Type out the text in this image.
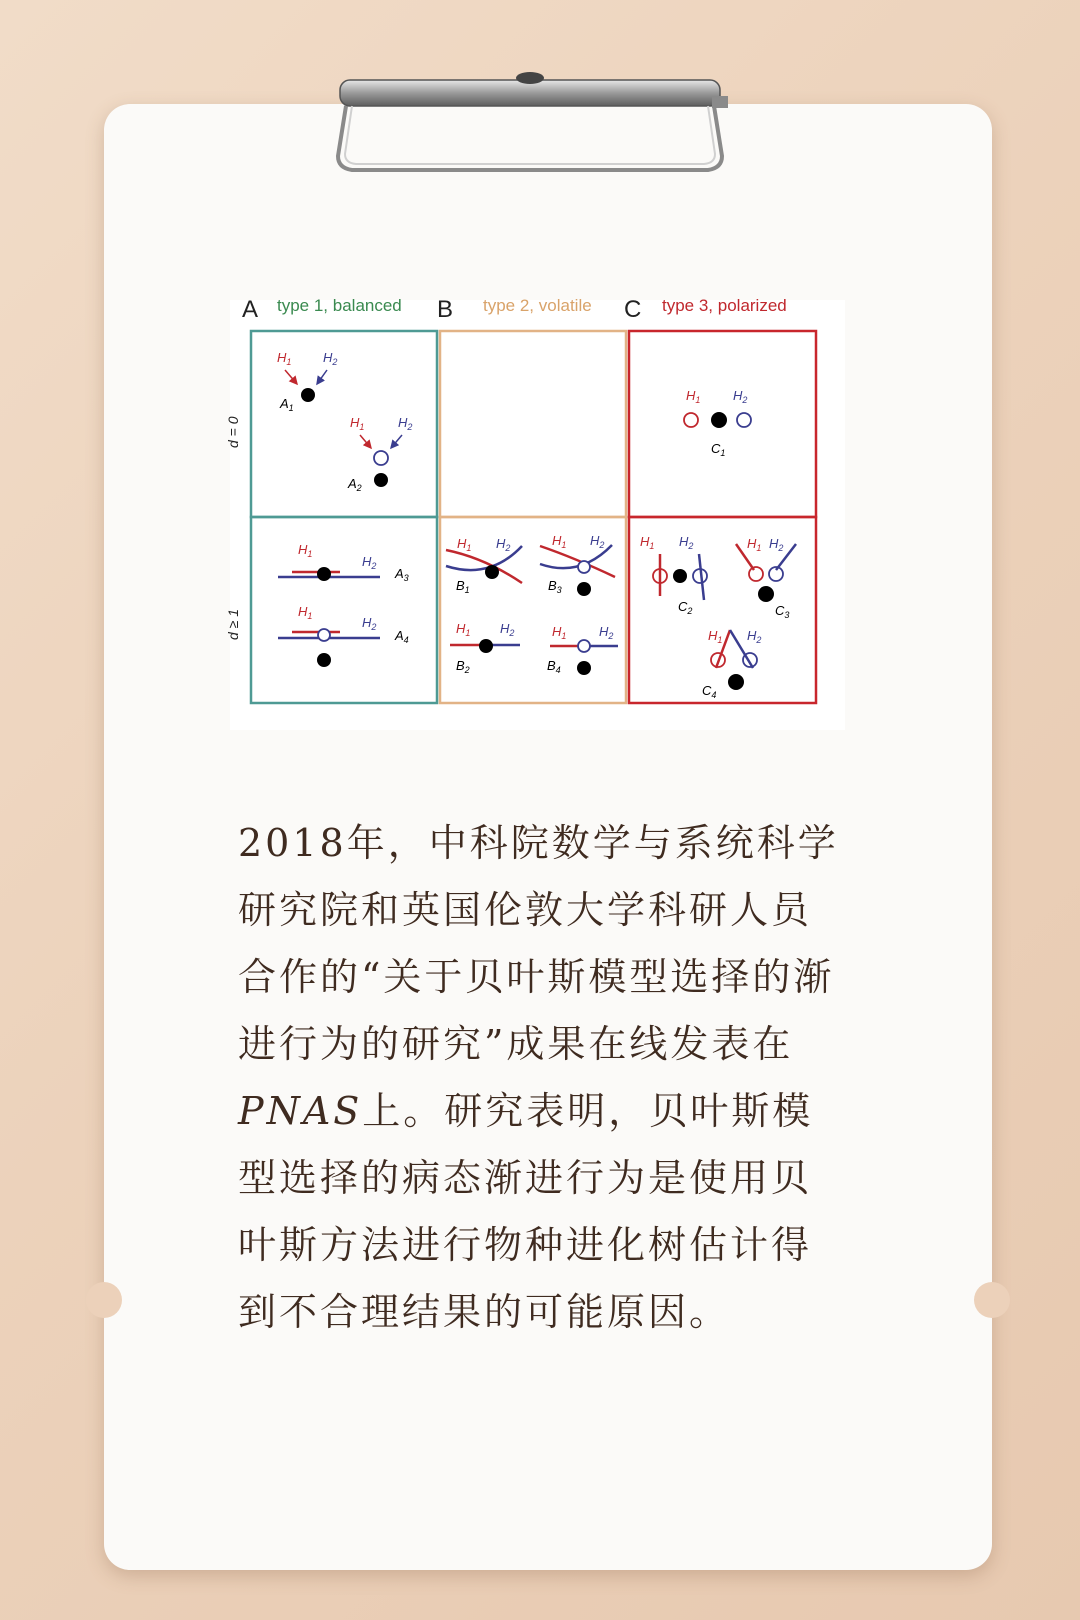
A type 1, balanced B type 2, volatile C type 3, polarized
d = 0
d ≥ 1
$H_1$ $H_2$
$A_1$
$H_1$	$H_2$
$A_2$
$H_1$	$H_2$ $A_3$
$H_1$	$H_2$
$A_4$
$H_1$ $H_2$
$B_1$
$H_1$ $H_2$
$B_3$
$H_1$ $H_2$
$B_2$
$H_1$	$H_2$
$B_4$
$H_1$	$H_2$
$C_1$
$H_1$ $H_2$
$C_2$
$H_1$ $H_2$
$C_3$
$H_1$ $H_2$
$C_4$

2018年，中科院数学与系统科学研究院和英国伦敦大学科研人员合作的“关于贝叶斯模型选择的渐进行为的研究”成果在线发表在PNAS上。研究表明，贝叶斯模型选择的病态渐进行为是使用贝叶斯方法进行物种进化树估计得到不合理结果的可能原因。
